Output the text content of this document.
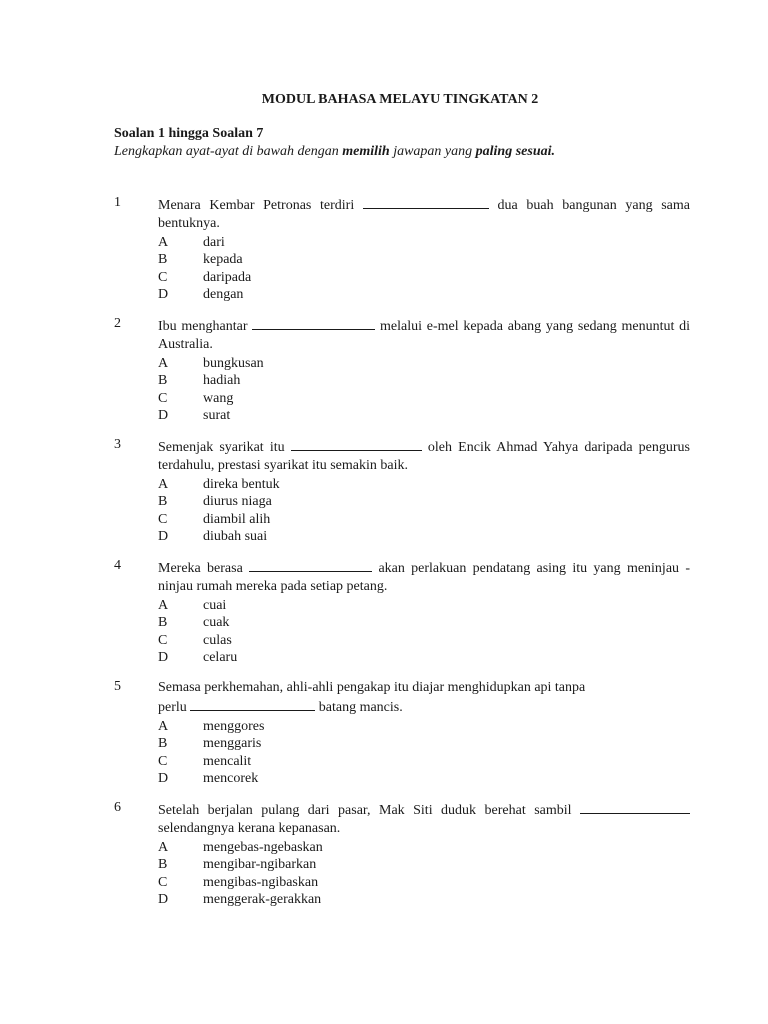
MODUL BAHASA MELAYU TINGKATAN 2
Soalan 1 hingga Soalan 7
Lengkapkan ayat-ayat di bawah dengan memilih jawapan yang paling sesuai.
1	Menara Kembar Petronas terdiri	dua buah bangunan yang sama bentuknya.
A dari
B	kepada
C	daripada
D dengan
2	Ibu menghantar	melalui e-mel kepada abang yang sedang menuntut di Australia.
A bungkusan
B	hadiah
C	wang
D surat
3	Semenjak syarikat itu	oleh Encik Ahmad Yahya daripada pengurus terdahulu, prestasi syarikat itu semakin baik.
A direka bentuk
B	diurus niaga
C	diambil alih
D diubah suai
4	Mereka berasa	akan perlakuan pendatang asing itu yang meninjau - ninjau rumah mereka pada setiap petang.
A cuai
B	cuak
C	culas
D celaru
5	Semasa perkhemahan, ahli-ahli pengakap itu diajar menghidupkan api tanpa
perlu	batang mancis.
A menggores
B	menggaris
C	mencalit
D mencorek
6	Setelah berjalan pulang dari pasar, Mak Siti duduk berehat sambil  selendangnya kerana kepanasan.
A mengebas-ngebaskan
B	mengibar-ngibarkan
C	mengibas-ngibaskan
D menggerak-gerakkan
